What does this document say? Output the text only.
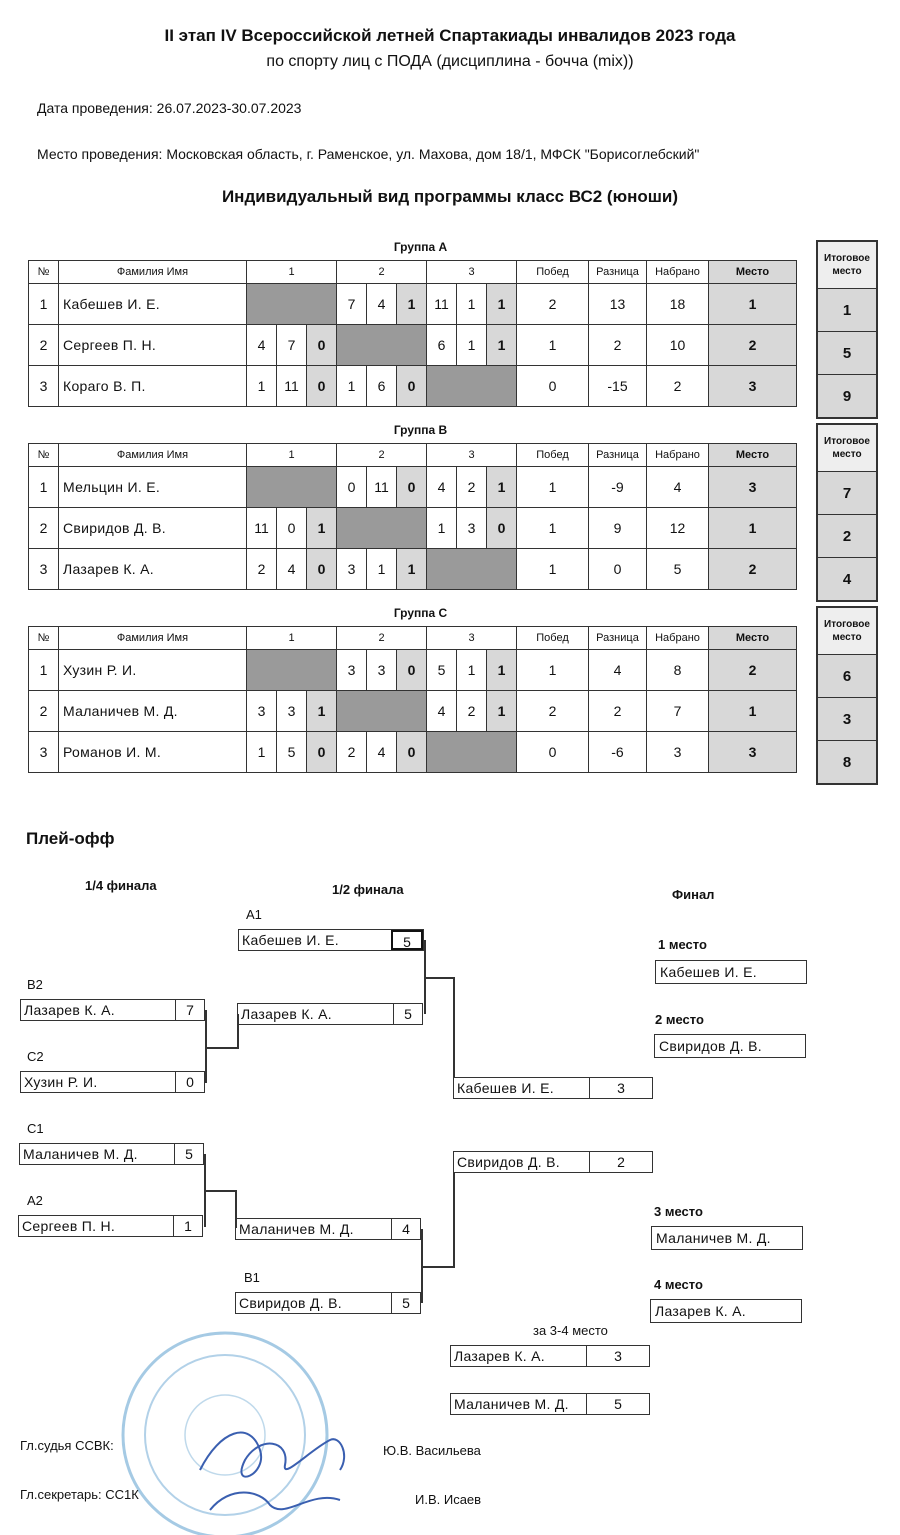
II этап IV Всероссийской летней Спартакиады инвалидов 2023 года
по спорту лиц с ПОДА (дисциплина - бочча (mix))
Дата проведения: 26.07.2023-30.07.2023
Место проведения: Московская область, г. Раменское, ул. Махова, дом 18/1, МФСК "Борисоглебский"
Индивидуальный вид программы класс ВС2 (юноши)
Группа А
№	Фамилия Имя	1			2			3			Побед	Разница	Набрано	Место
1	Кабешев И. Е.				7	4	1	11	1	1	2	13	18	1
2	Сергеев П. Н.	4	7	0				6	1	1	1	2	10	2
3	Кораго В. П.	1	11	0	1	6	0				0	-15	2	3
Итоговое место
1
5
9
Группа В
№	Фамилия Имя	1			2			3			Побед	Разница	Набрано	Место
1	Мельцин И. Е.				0	11	0	4	2	1	1	-9	4	3
2	Свиридов Д. В.	11	0	1				1	3	0	1	9	12	1
3	Лазарев К. А.	2	4	0	3	1	1				1	0	5	2
Итоговое место
7
2
4
Группа С
№	Фамилия Имя	1			2			3			Побед	Разница	Набрано	Место
1	Хузин Р. И.				3	3	0	5	1	1	1	4	8	2
2	Маланичев М. Д.	3	3	1				4	2	1	2	2	7	1
3	Романов И. М.	1	5	0	2	4	0				0	-6	3	3
Итоговое место
6
3
8
Плей-офф
1/4 финала	1/2 финала	Финал
B2
Лазарев К. А.	7
C2
Хузин Р. И.	0
C1
Маланичев М. Д.	5
A2
Сергеев П. Н.	1
A1
Кабешев И. Е.	5
Лазарев К. А.	5
Маланичев М. Д.	4
B1
Свиридов Д. В.	5
Кабешев И. Е.	3
Свиридов Д. В.	2
за 3-4 место
Лазарев К. А.	3
Маланичев М. Д.	5
1 место
Кабешев И. Е.
2 место
Свиридов Д. В.
3 место
Маланичев М. Д.
4 место
Лазарев К. А.
Гл.судья ССВК:	Ю.В. Васильева
Гл.секретарь: СС1К	И.В. Исаев
